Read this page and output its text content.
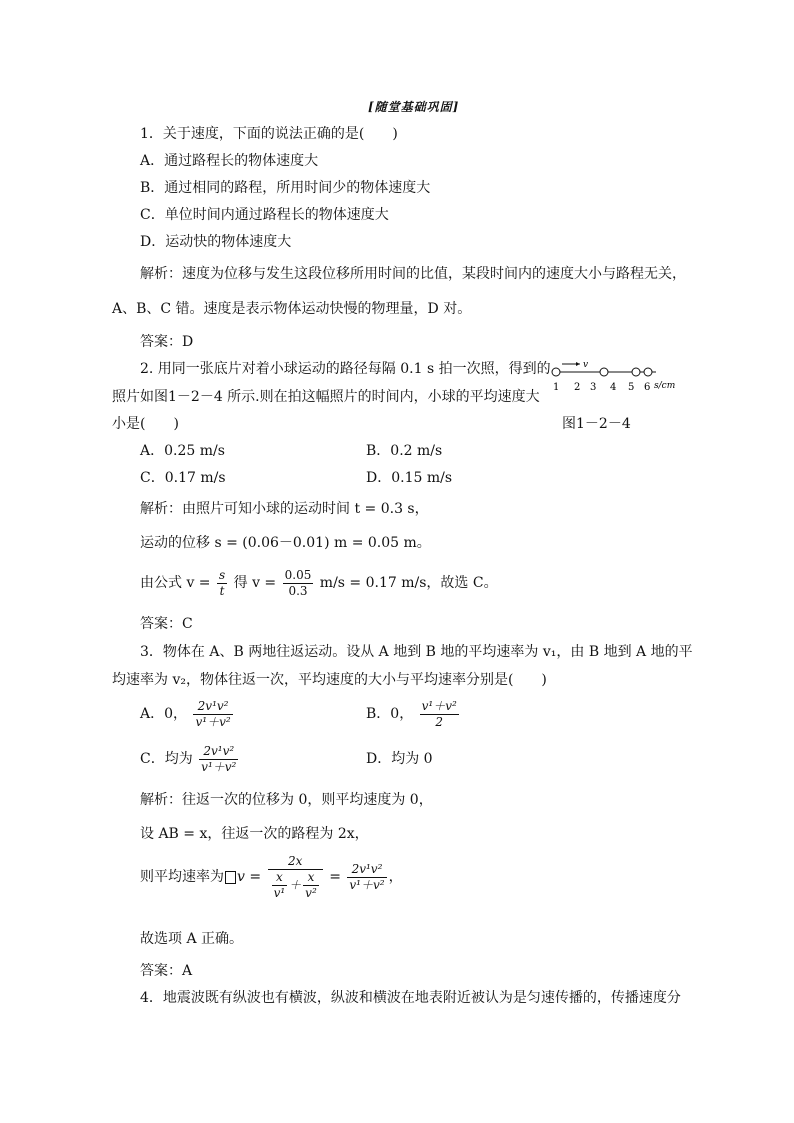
[随堂基础巩固]
1．关于速度，下面的说法正确的是(　　)
A．通过路程长的物体速度大
B．通过相同的路程，所用时间少的物体速度大
C．单位时间内通过路程长的物体速度大
D．运动快的物体速度大
解析：速度为位移与发生这段位移所用时间的比值，某段时间内的速度大小与路程无关，
A、B、C 错。速度是表示物体运动快慢的物理量，D 对。
答案：D
2. 用同一张底片对着小球运动的路径每隔 0.1 s 拍一次照，得到的
照片如图1－2－4 所示.则在拍这幅照片的时间内，小球的平均速度大
小是(　　)
v
1 2 3 4 5 6 s/cm
图1－2－4
A．0.25 m/s	B．0.2 m/s
C．0.17 m/s	D．0.15 m/s
解析：由照片可知小球的运动时间 t = 0.3 s，
运动的位移 s = (0.06－0.01) m = 0.05 m。
由公式 $v = \frac{s}{t}$ 得 $v = \frac{0.05}{0.3} m/s = 0.17$ m/s，故选 C。
答案：C
3．物体在 A、B 两地往返运动。设从 A 地到 B 地的平均速率为 v₁，由 B 地到 A 地的平
均速率为 v₂，物体往返一次，平均速度的大小与平均速率分别是(　　)
A．0， $\frac{\text{2v¹v²}}{\text{v¹＋v²}}$	B．0， $\frac{\text{v¹＋v²}}{2}$
C．均为 $\frac{\text{2v¹v²}}{\text{v¹＋v²}}$	D．均为 0
解析：往返一次的位移为 0，则平均速度为 0，
设 AB = x，往返一次的路程为 2x，
则平均速率为 $v = \frac{2x}{\frac{x}{\text{v¹}} + \frac{x}{\text{v²}}} = \frac{\text{2v¹v²}}{\text{v¹＋v²}}$ ，
故选项 A 正确。
答案：A
4．地震波既有纵波也有横波，纵波和横波在地表附近被认为是匀速传播的，传播速度分
